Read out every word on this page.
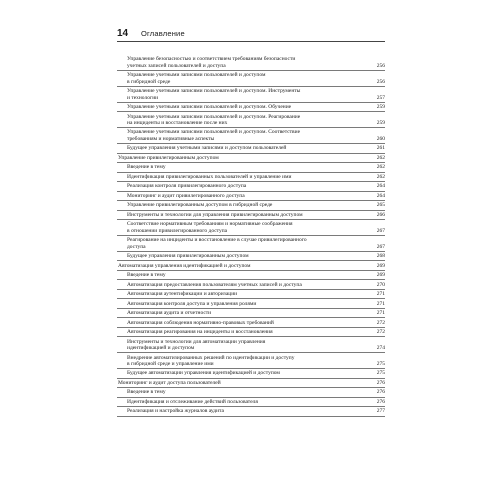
14 Оглавление
Управление безопасностью и соответствием требованиям безопасности
учетных записей пользователей и доступа	256
Управление учетными записями пользователей и доступом
в гибридной среде	256
Управление учетными записями пользователей и доступом. Инструменты
и технологии	257
Управление учетными записями пользователей и доступом. Обучение	259
Управление учетными записями пользователей и доступом. Реагирование
на инциденты и восстановление после них	259
Управление учетными записями пользователей и доступом. Соответствие
требованиям и нормативные аспекты	260
Будущее управления учетными записями и доступом пользователей	261
Управление привилегированным доступом	262
Введение в тему	262
Идентификация привилегированных пользователей и управление ими	262
Реализация контроля привилегированного доступа	264
Мониторинг и аудит привилегированного доступа	264
Управление привилегированным доступом в гибридной среде	265
Инструменты и технологии для управления привилегированным доступом	266
Соответствие нормативным требованиям и нормативные соображения
в отношении привилегированного доступа	267
Реагирование на инциденты и восстановление в случае привилегированного
доступа	267
Будущее управления привилегированным доступом	268
Автоматизация управления идентификацией и доступом	269
Введение в тему	269
Автоматизация предоставления пользователям учетных записей и доступа	270
Автоматизация аутентификации и авторизации	271
Автоматизация контроля доступа и управления ролями	271
Автоматизация аудита и отчетности	271
Автоматизация соблюдения нормативно-правовых требований	272
Автоматизация реагирования на инциденты и восстановления	272
Инструменты и технологии для автоматизации управления
идентификацией и доступом	274
Внедрение автоматизированных решений по идентификации и доступу
в гибридной среде и управление ими	275
Будущее автоматизации управления идентификацией и доступом	275
Мониторинг и аудит доступа пользователей	276
Введение в тему	276
Идентификация и отслеживание действий пользователя	276
Реализация и настройка журналов аудита	277
